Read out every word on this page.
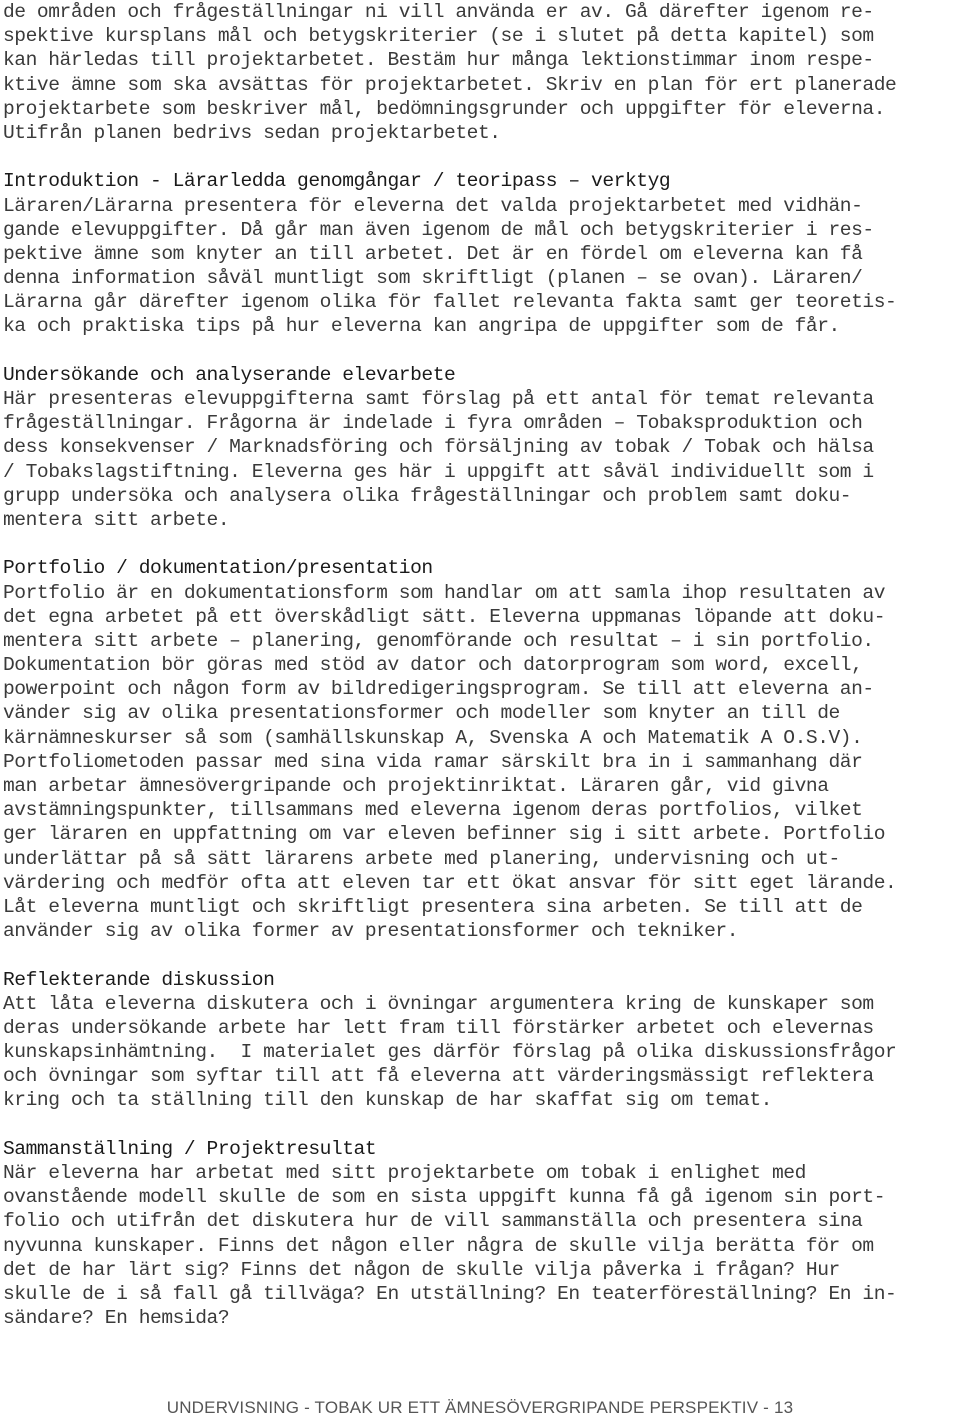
de områden och frågeställningar ni vill använda er av. Gå därefter igenom re-
spektive kursplans mål och betygskriterier (se i slutet på detta kapitel) som
kan härledas till projektarbetet. Bestäm hur många lektionstimmar inom respe-
ktive ämne som ska avsättas för projektarbetet. Skriv en plan för ert planerade
projektarbete som beskriver mål, bedömningsgrunder och uppgifter för eleverna.
Utifrån planen bedrivs sedan projektarbetet.
Introduktion - Lärarledda genomgångar / teoripass – verktyg
Läraren/Lärarna presentera för eleverna det valda projektarbetet med vidhän-
gande elevuppgifter. Då går man även igenom de mål och betygskriterier i res-
pektive ämne som knyter an till arbetet. Det är en fördel om eleverna kan få
denna information såväl muntligt som skriftligt (planen – se ovan). Läraren/
Lärarna går därefter igenom olika för fallet relevanta fakta samt ger teoretis-
ka och praktiska tips på hur eleverna kan angripa de uppgifter som de får.
Undersökande och analyserande elevarbete
Här presenteras elevuppgifterna samt förslag på ett antal för temat relevanta
frågeställningar. Frågorna är indelade i fyra områden – Tobaksproduktion och
dess konsekvenser / Marknadsföring och försäljning av tobak / Tobak och hälsa
/ Tobakslagstiftning. Eleverna ges här i uppgift att såväl individuellt som i
grupp undersöka och analysera olika frågeställningar och problem samt doku-
mentera sitt arbete.
Portfolio / dokumentation/presentation
Portfolio är en dokumentationsform som handlar om att samla ihop resultaten av
det egna arbetet på ett överskådligt sätt. Eleverna uppmanas löpande att doku-
mentera sitt arbete – planering, genomförande och resultat – i sin portfolio.
Dokumentation bör göras med stöd av dator och datorprogram som word, excell,
powerpoint och någon form av bildredigeringsprogram. Se till att eleverna an-
vänder sig av olika presentationsformer och modeller som knyter an till de
kärnämneskurser så som (samhällskunskap A, Svenska A och Matematik A O.S.V).
Portfoliometoden passar med sina vida ramar särskilt bra in i sammanhang där
man arbetar ämnesövergripande och projektinriktat. Läraren går, vid givna
avstämningspunkter, tillsammans med eleverna igenom deras portfolios, vilket
ger läraren en uppfattning om var eleven befinner sig i sitt arbete. Portfolio
underlättar på så sätt lärarens arbete med planering, undervisning och ut-
värdering och medför ofta att eleven tar ett ökat ansvar för sitt eget lärande.
Låt eleverna muntligt och skriftligt presentera sina arbeten. Se till att de
använder sig av olika former av presentationsformer och tekniker.
Reflekterande diskussion
Att låta eleverna diskutera och i övningar argumentera kring de kunskaper som
deras undersökande arbete har lett fram till förstärker arbetet och elevernas
kunskapsinhämtning.  I materialet ges därför förslag på olika diskussionsfrågor
och övningar som syftar till att få eleverna att värderingsmässigt reflektera
kring och ta ställning till den kunskap de har skaffat sig om temat.
Sammanställning / Projektresultat
När eleverna har arbetat med sitt projektarbete om tobak i enlighet med
ovanstående modell skulle de som en sista uppgift kunna få gå igenom sin port-
folio och utifrån det diskutera hur de vill sammanställa och presentera sina
nyvunna kunskaper. Finns det någon eller några de skulle vilja berätta för om
det de har lärt sig? Finns det någon de skulle vilja påverka i frågan? Hur
skulle de i så fall gå tillväga? En utställning? En teaterföreställning? En in-
sändare? En hemsida?
UNDERVISNING - TOBAK UR ETT ÄMNESÖVERGRIPANDE PERSPEKTIV - 13
